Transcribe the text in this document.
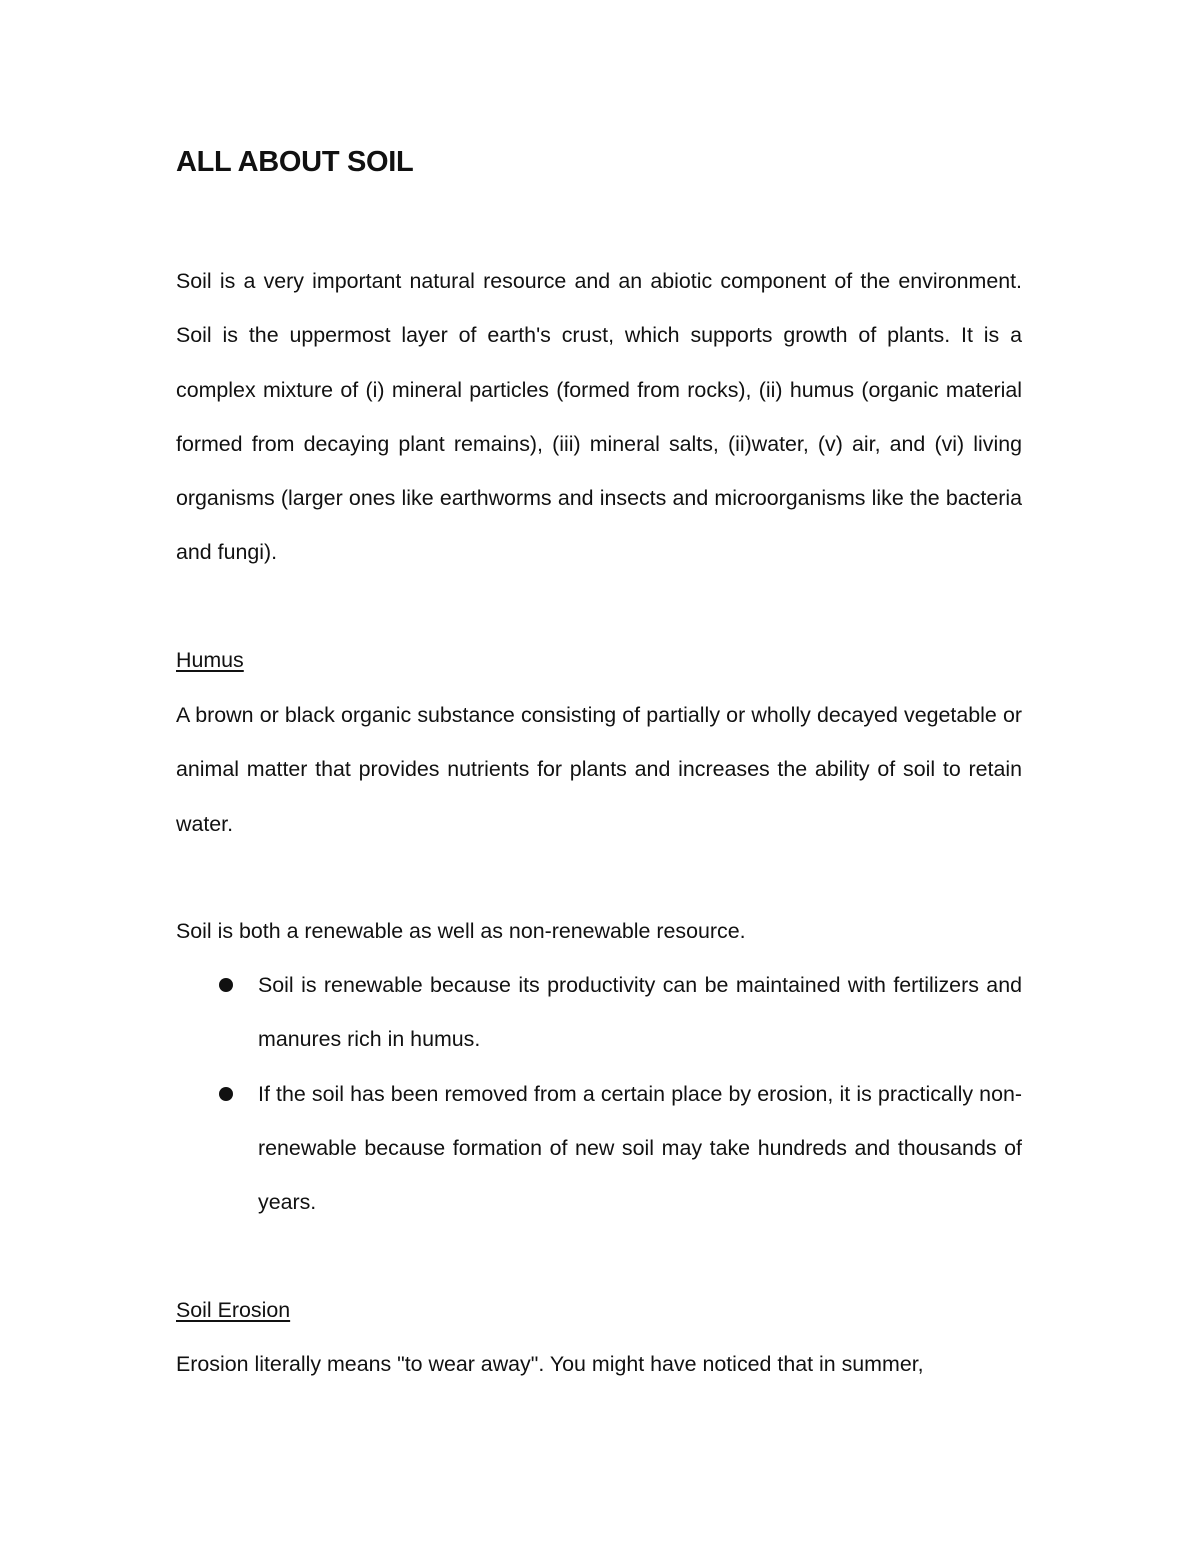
ALL ABOUT SOIL

Soil is a very important natural resource and an abiotic component of the environment. Soil is the uppermost layer of earth's crust, which supports growth of plants. It is a complex mixture of (i) mineral particles (formed from rocks), (ii) humus (organic material formed from decaying plant remains), (iii) mineral salts, (ii)water, (v) air, and (vi) living organisms (larger ones like earthworms and insects and microorganisms like the bacteria and fungi).

Humus

A brown or black organic substance consisting of partially or wholly decayed vegetable or animal matter that provides nutrients for plants and increases the ability of soil to retain water.

Soil is both a renewable as well as non-renewable resource.

Soil is renewable because its productivity can be maintained with fertilizers and manures rich in humus.
If the soil has been removed from a certain place by erosion, it is practically non-renewable because formation of new soil may take hundreds and thousands of years.

Soil Erosion

Erosion literally means "to wear away". You might have noticed that in summer,
